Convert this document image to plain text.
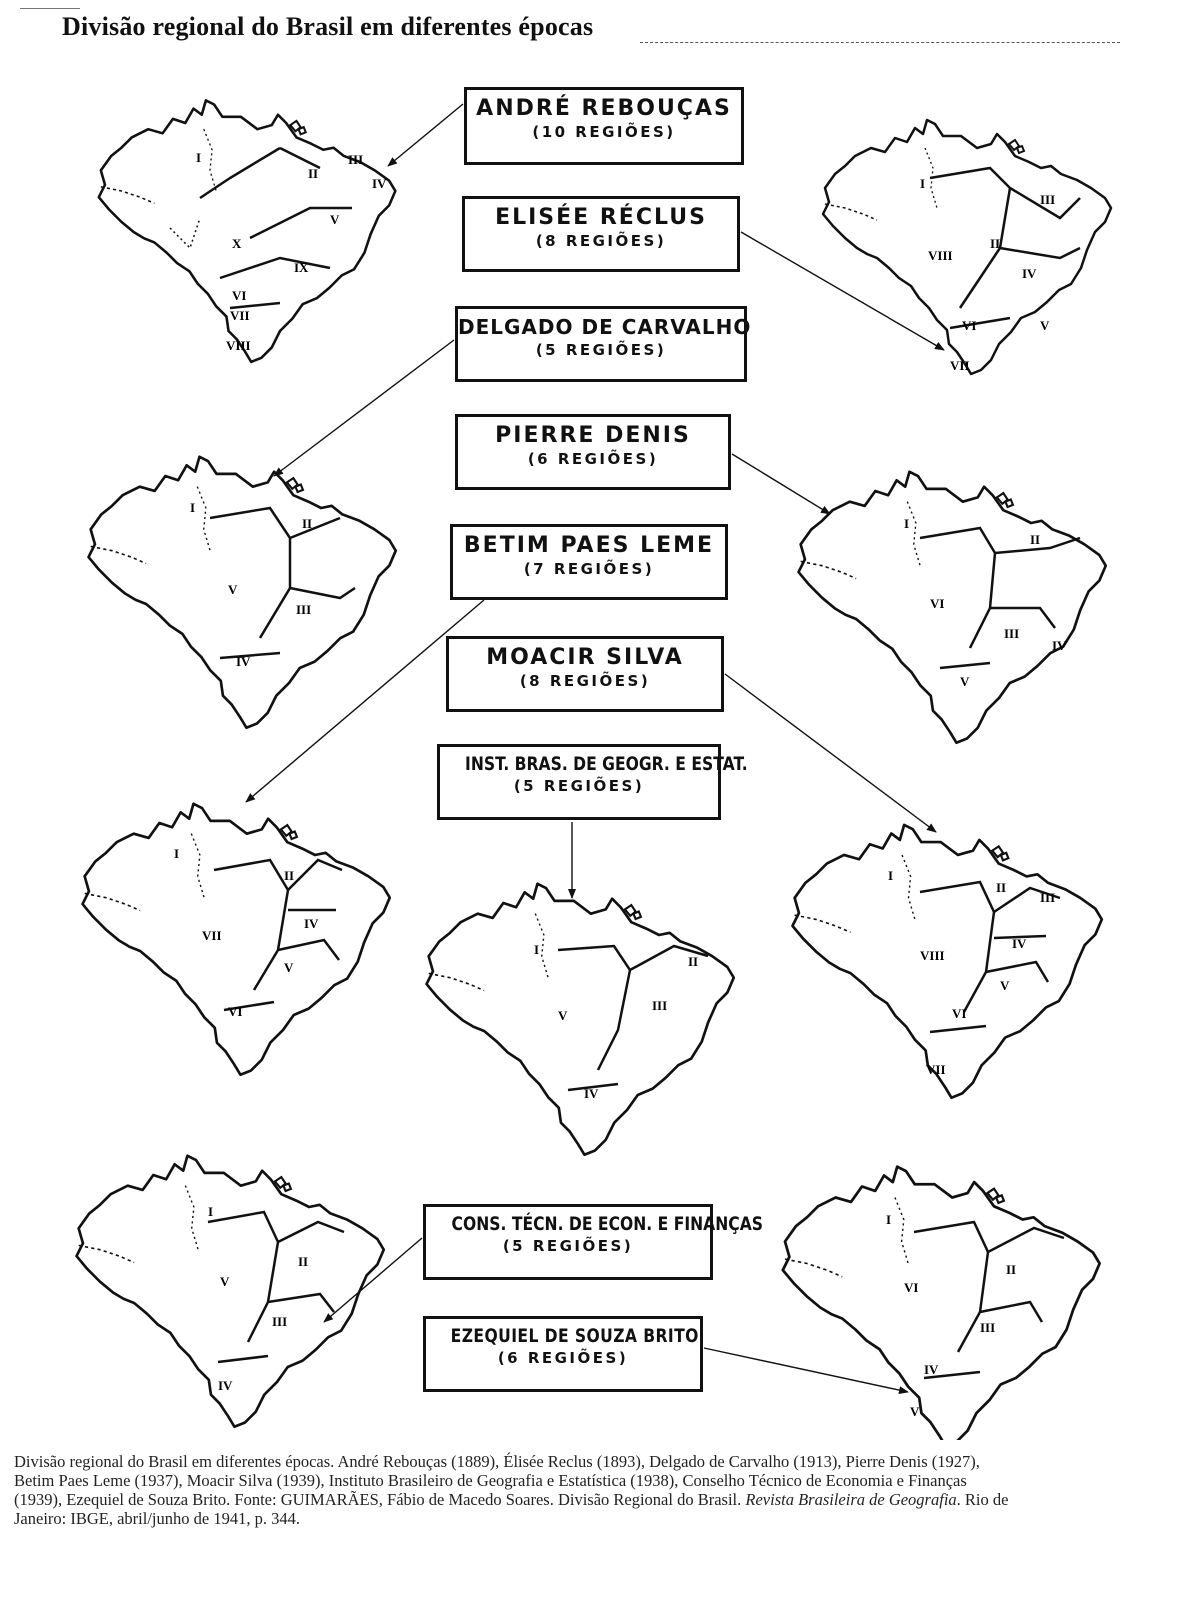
Divisão regional do Brasil em diferentes épocas
ANDRÉ REBOUÇAS
(10 REGIÕES)
ELISÉE RÉCLUS
(8 REGIÕES)
DELGADO DE CARVALHO
(5 REGIÕES)
PIERRE DENIS
(6 REGIÕES)
BETIM PAES LEME
(7 REGIÕES)
MOACIR SILVA
(8 REGIÕES)
INST. BRAS. DE GEOGR. E ESTAT.
(5 REGIÕES)
CONS. TÉCN. DE ECON. E FINANÇAS
(5 REGIÕES)
EZEQUIEL DE SOUZA BRITO
(6 REGIÕES)
I
II
III
IV
V
VI
VII
VIII
IX
X
I
II
III
IV
V
VI
VII
VIII
I
II
III
IV
V
I
II
III
IV
V
VI
I
II
IV
V
VI
VII
I
II
III
IV
V
I
II
III
IV
V
VI
VII
VIII
I
II
III
IV
V
I
II
III
IV
V
VI
Divisão regional do Brasil em diferentes épocas. André Rebouças (1889), Élisée Reclus (1893), Delgado de Carvalho (1913), Pierre Denis (1927),
Betim Paes Leme (1937), Moacir Silva (1939), Instituto Brasileiro de Geografia e Estatística (1938), Conselho Técnico de Economia e Finanças
(1939), Ezequiel de Souza Brito. Fonte: GUIMARÃES, Fábio de Macedo Soares. Divisão Regional do Brasil. Revista Brasileira de Geografia. Rio de
Janeiro: IBGE, abril/junho de 1941, p. 344.
